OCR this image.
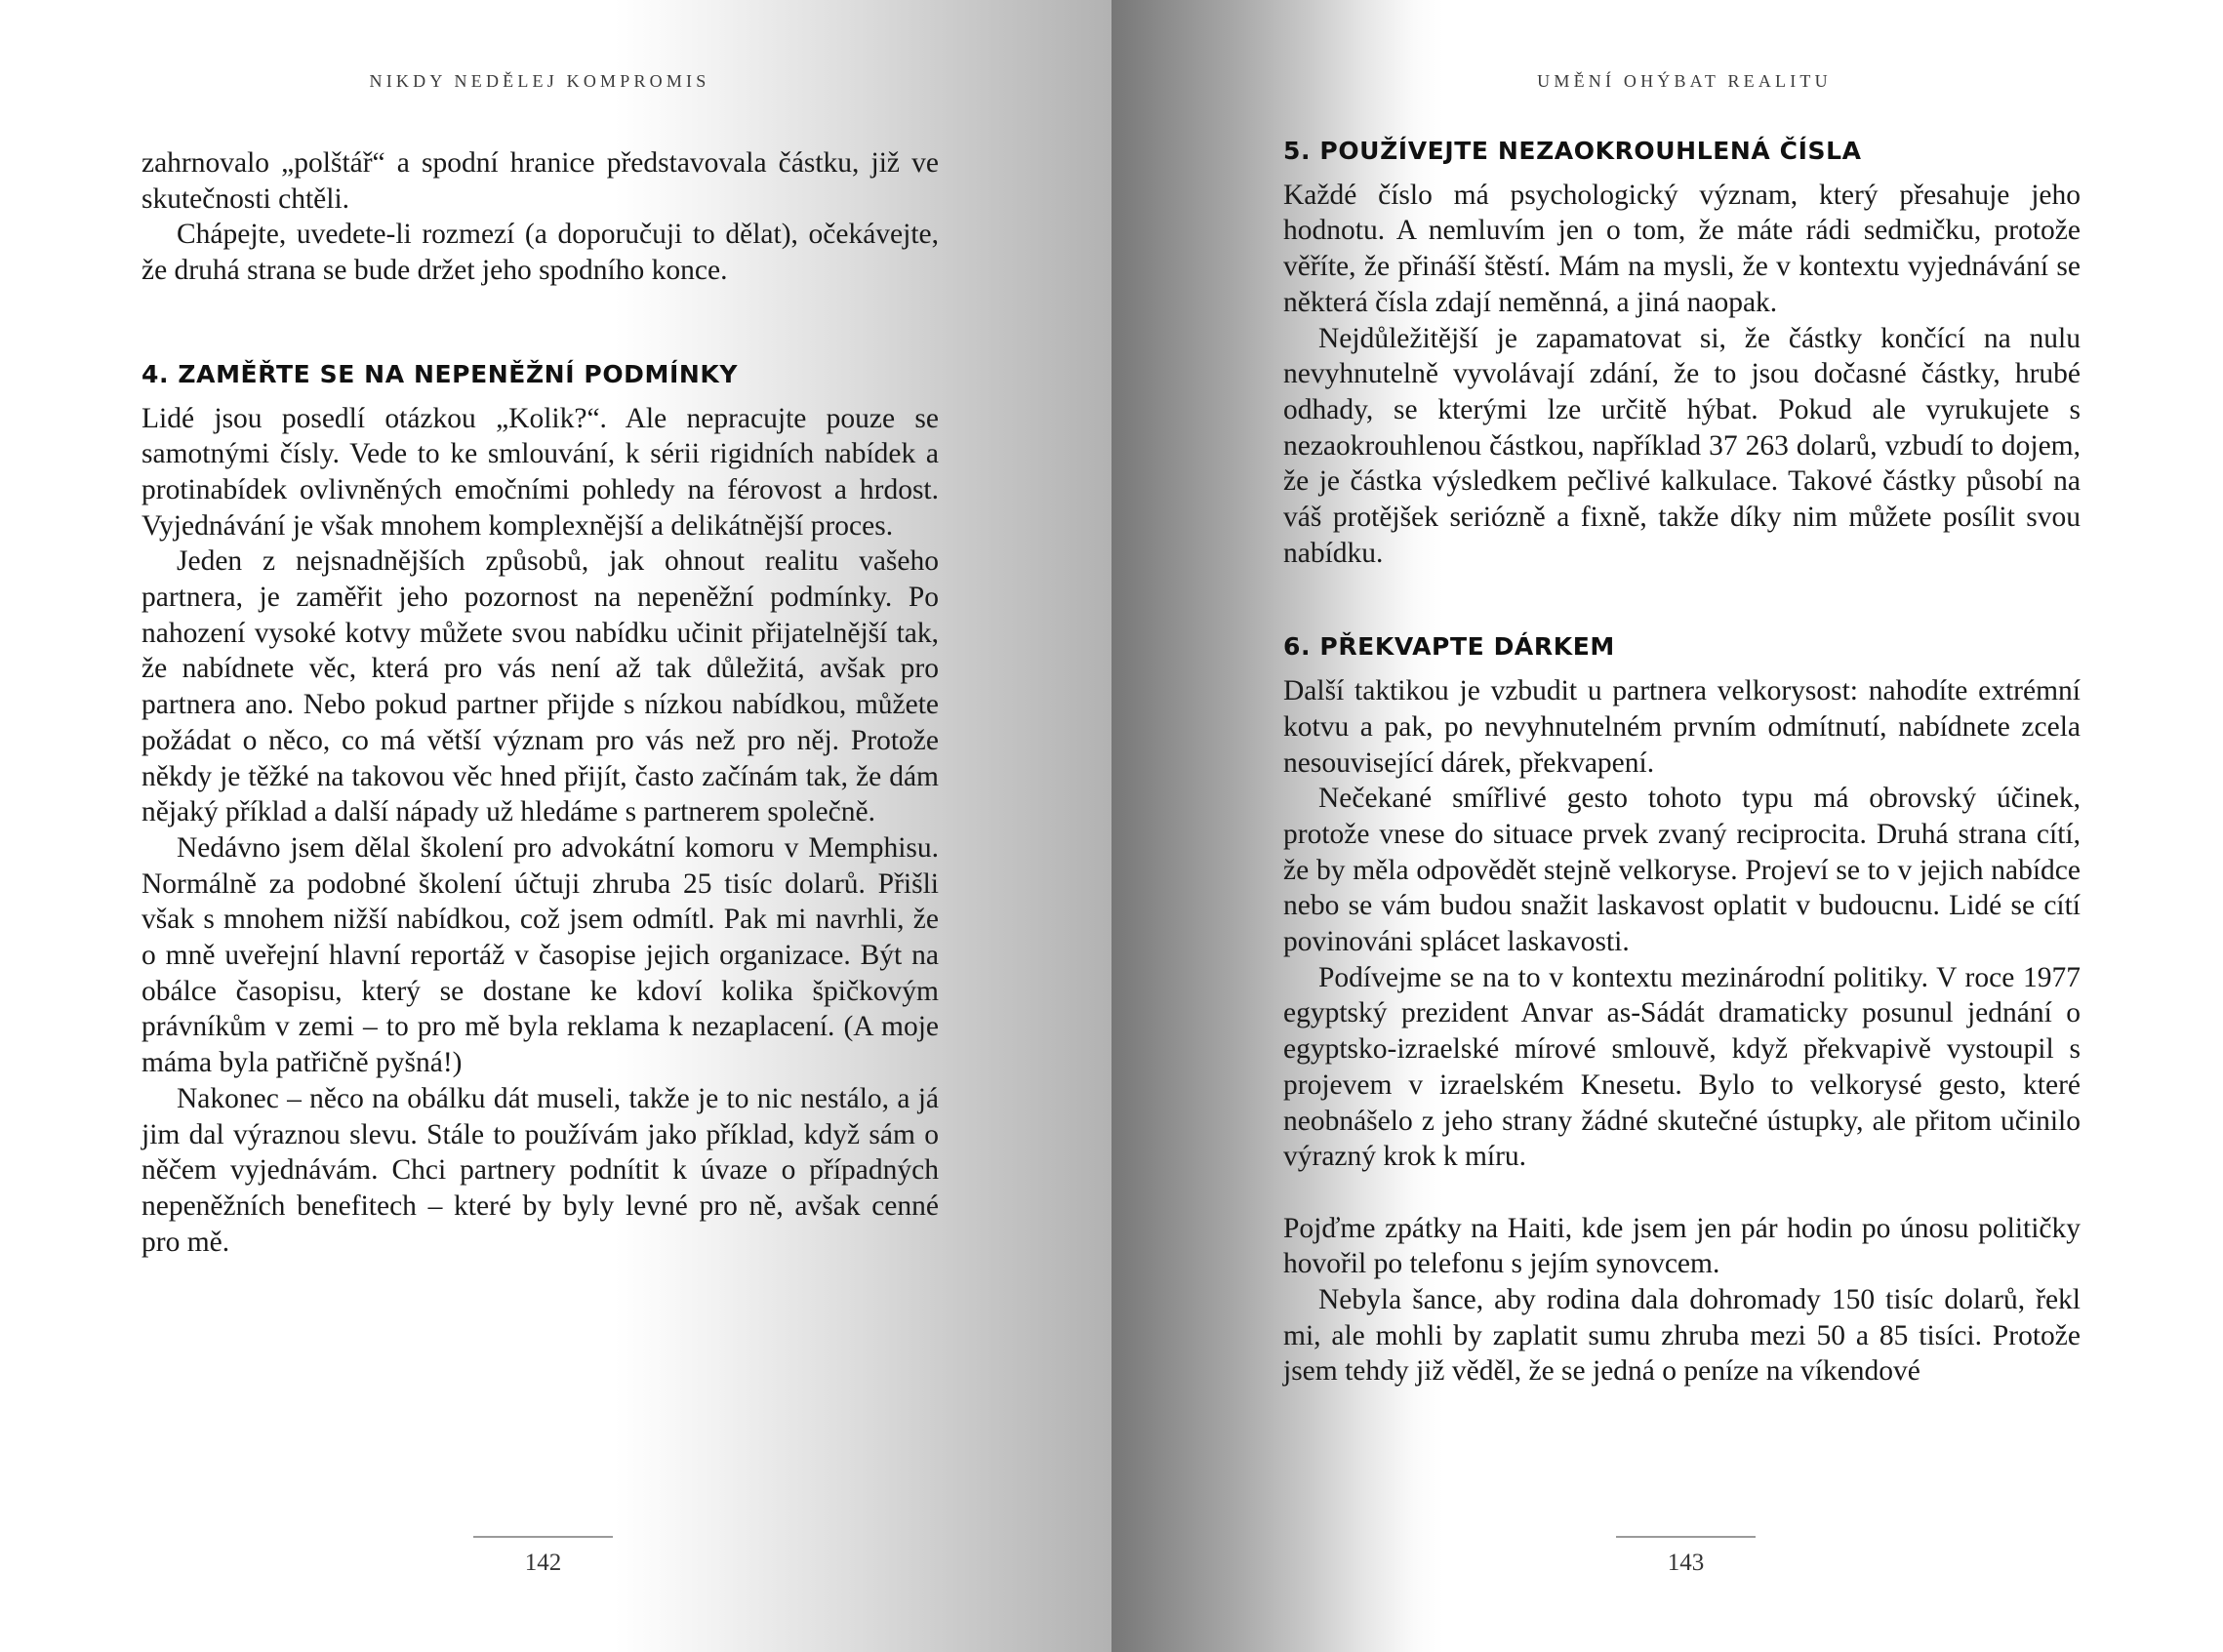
NIKDY NEDĚLEJ KOMPROMIS

zahrnovalo „polštář“ a spodní hranice představovala částku, již ve skutečnosti chtěli.

Chápejte, uvedete-li rozmezí (a doporučuji to dělat), očekávejte, že druhá strana se bude držet jeho spodního konce.

4. ZAMĚŘTE SE NA NEPENĚŽNÍ PODMÍNKY

Lidé jsou posedlí otázkou „Kolik?“. Ale nepracujte pouze se samotnými čísly. Vede to ke smlouvání, k sérii rigidních nabídek a protinabídek ovlivněných emočními pohledy na férovost a hrdost. Vyjednávání je však mnohem komplexnější a delikátnější proces.

Jeden z nejsnadnějších způsobů, jak ohnout realitu vašeho partnera, je zaměřit jeho pozornost na nepeněžní podmínky. Po nahození vysoké kotvy můžete svou nabídku učinit přijatelnější tak, že nabídnete věc, která pro vás není až tak důležitá, avšak pro partnera ano. Nebo pokud partner přijde s nízkou nabídkou, můžete požádat o něco, co má větší význam pro vás než pro něj. Protože někdy je těžké na takovou věc hned přijít, často začínám tak, že dám nějaký příklad a další nápady už hledáme s partnerem společně.

Nedávno jsem dělal školení pro advokátní komoru v Memphisu. Normálně za podobné školení účtuji zhruba 25 tisíc dolarů. Přišli však s mnohem nižší nabídkou, což jsem odmítl. Pak mi navrhli, že o mně uveřejní hlavní reportáž v časopise jejich organizace. Být na obálce časopisu, který se dostane ke kdoví kolika špičkovým právníkům v zemi – to pro mě byla reklama k nezaplacení. (A moje máma byla patřičně pyšná!)

Nakonec – něco na obálku dát museli, takže je to nic nestálo, a já jim dal výraznou slevu. Stále to používám jako příklad, když sám o něčem vyjednávám. Chci partnery podnítit k úvaze o případných nepeněžních benefitech – které by byly levné pro ně, avšak cenné pro mě.

142
UMĚNÍ OHÝBAT REALITU
5. POUŽÍVEJTE NEZAOKROUHLENÁ ČÍSLA

Každé číslo má psychologický význam, který přesahuje jeho hodnotu. A nemluvím jen o tom, že máte rádi sedmičku, protože věříte, že přináší štěstí. Mám na mysli, že v kontextu vyjednávání se některá čísla zdají neměnná, a jiná naopak.

Nejdůležitější je zapamatovat si, že částky končící na nulu nevyhnutelně vyvolávají zdání, že to jsou dočasné částky, hrubé odhady, se kterými lze určitě hýbat. Pokud ale vyrukujete s nezaokrouhlenou částkou, například 37 263 dolarů, vzbudí to dojem, že je částka výsledkem pečlivé kalkulace. Takové částky působí na váš protějšek seriózně a fixně, takže díky nim můžete posílit svou nabídku.

6. PŘEKVAPTE DÁRKEM

Další taktikou je vzbudit u partnera velkorysost: nahodíte extrémní kotvu a pak, po nevyhnutelném prvním odmítnutí, nabídnete zcela nesouvisející dárek, překvapení.

Nečekané smířlivé gesto tohoto typu má obrovský účinek, protože vnese do situace prvek zvaný reciprocita. Druhá strana cítí, že by měla odpovědět stejně velkoryse. Projeví se to v jejich nabídce nebo se vám budou snažit laskavost oplatit v budoucnu. Lidé se cítí povinováni splácet laskavosti.

Podívejme se na to v kontextu mezinárodní politiky. V roce 1977 egyptský prezident Anvar as-Sádát dramaticky posunul jednání o egyptsko-izraelské mírové smlouvě, když překvapivě vystoupil s projevem v izraelském Knesetu. Bylo to velkorysé gesto, které neobnášelo z jeho strany žádné skutečné ústupky, ale přitom učinilo výrazný krok k míru.

Pojďme zpátky na Haiti, kde jsem jen pár hodin po únosu političky hovořil po telefonu s jejím synovcem.

Nebyla šance, aby rodina dala dohromady 150 tisíc dolarů, řekl mi, ale mohli by zaplatit sumu zhruba mezi 50 a 85 tisíci. Protože jsem tehdy již věděl, že se jedná o peníze na víkendové

143
